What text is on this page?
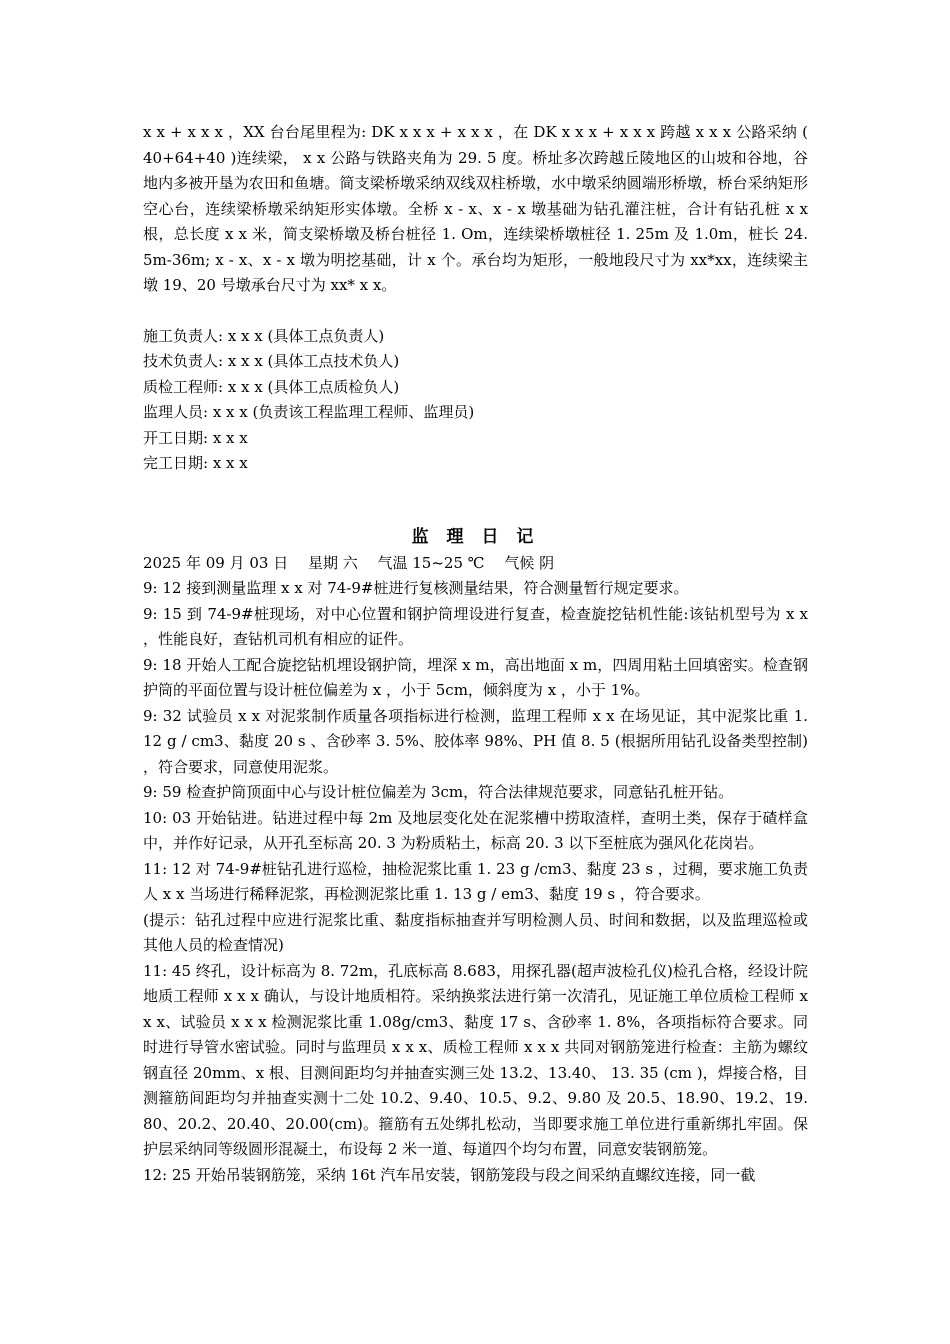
x x + x x x ，XX 台台尾里程为: DK x x x + x x x ，在 DK x x x + x x x 跨越 x x x 公路采纳 ( 40+64+40 )连续梁， x x 公路与铁路夹角为 29. 5 度。桥址多次跨越丘陵地区的山坡和谷地，谷地内多被开垦为农田和鱼塘。简支梁桥墩采纳双线双柱桥墩，水中墩采纳圆端形桥墩，桥台采纳矩形空心台，连续梁桥墩采纳矩形实体墩。全桥 x - x、x - x 墩基础为钻孔灌注桩，合计有钻孔桩 x x 根，总长度 x x 米，简支梁桥墩及桥台桩径 1. Om，连续梁桥墩桩径 1. 25m 及 1.0m，桩长 24. 5m-36m; x - x、x - x 墩为明挖基础，计 x 个。承台均为矩形，一般地段尺寸为 xx*xx，连续梁主墩 19、20 号墩承台尺寸为 xx* x x。

施工负责人: x x x (具体工点负责人)

技术负责人: x x x (具体工点技术负人)

质检工程师: x x x (具体工点质检负人)

监理人员: x x x (负责该工程监理工程师、监理员)

开工日期: x x x

完工日期: x x x

监 理 日 记

2025 年 09 月 03 日 　星期 六 　气温 15~25 ℃ 　气候 阴

9: 12 接到测量监理 x x 对 74-9#桩进行复核测量结果，符合测量暂行规定要求。

9: 15 到 74-9#桩现场，对中心位置和钢护筒埋设进行复查，检查旋挖钻机性能:该钻机型号为 x x ，性能良好，查钻机司机有相应的证件。

9: 18 开始人工配合旋挖钻机埋设钢护筒，埋深 x m，高出地面 x m，四周用粘土回填密实。检查钢护筒的平面位置与设计桩位偏差为 x ，小于 5cm，倾斜度为 x ，小于 1%。

9: 32 试验员 x x 对泥浆制作质量各项指标进行检测，监理工程师 x x 在场见证，其中泥浆比重 1. 12 g / cm3、黏度 20 s 、含砂率 3. 5%、胶体率 98%、PH 值 8. 5 (根据所用钻孔设备类型控制) ，符合要求，同意使用泥浆。

9: 59 检查护筒顶面中心与设计桩位偏差为 3cm，符合法律规范要求，同意钻孔桩开钻。

10: 03 开始钻进。钻进过程中每 2m 及地层变化处在泥浆槽中捞取渣样，查明土类，保存于碴样盒中，并作好记录，从开孔至标高 20. 3 为粉质粘土，标高 20. 3 以下至桩底为强风化花岗岩。

11: 12 对 74-9#桩钻孔进行巡检，抽检泥浆比重 1. 23 g /cm3、黏度 23 s ，过稠，要求施工负责人 x x 当场进行稀释泥浆，再检测泥浆比重 1. 13 g / em3、黏度 19 s ，符合要求。

(提示：钻孔过程中应进行泥浆比重、黏度指标抽查并写明检测人员、时间和数据，以及监理巡检或其他人员的检查情况)

11: 45 终孔，设计标高为 8. 72m，孔底标高 8.683，用探孔器(超声波检孔仪)检孔合格，经设计院地质工程师 x x x 确认，与设计地质相符。采纳换浆法进行第一次清孔，见证施工单位质检工程师 x x x、试验员 x x x 检测泥浆比重 1.08g/cm3、黏度 17 s、含砂率 1. 8%，各项指标符合要求。同时进行导管水密试验。同时与监理员 x x x、质检工程师 x x x 共同对钢筋笼进行检查：主筋为螺纹钢直径 20mm、x 根、目测间距均匀并抽查实测三处 13.2、13.40、 13. 35 (cm )，焊接合格，目测箍筋间距均匀并抽查实测十二处 10.2、9.40、10.5、9.2、9.80 及 20.5、18.90、19.2、19. 80、20.2、20.40、20.00(cm)。箍筋有五处绑扎松动，当即要求施工单位进行重新绑扎牢固。保护层采纳同等级圆形混凝土，布设每 2 米一道、每道四个均匀布置，同意安装钢筋笼。

12: 25 开始吊装钢筋笼，采纳 16t 汽车吊安装，钢筋笼段与段之间采纳直螺纹连接，同一截
